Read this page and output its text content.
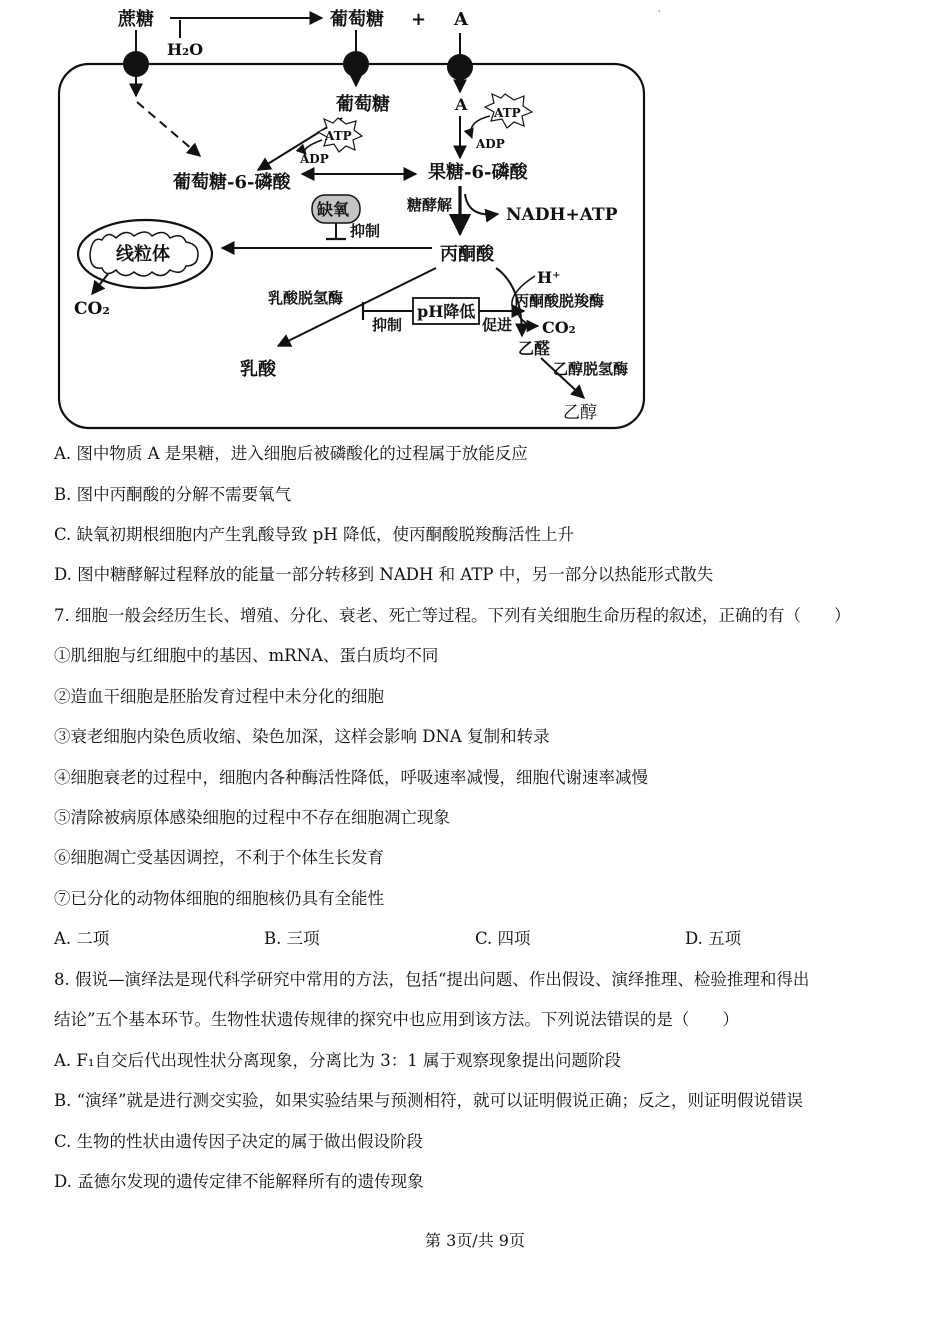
蔗糖
H₂O
葡萄糖 + A	·
葡萄糖	A
ATP
ADP
ATP
ADP
葡萄糖-6-磷酸	果糖-6-磷酸
糖酵解	NADH+ATP
缺氧
抑制
丙酮酸
线粒体
CO₂
乳酸脱氢酶
抑制
pH降低
促进
H⁺
丙酮酸脱羧酶
CO₂
乙醛
乙醇脱氢酶
乙醇
乳酸
A. 图中物质 A 是果糖，进入细胞后被磷酸化的过程属于放能反应
B. 图中丙酮酸的分解不需要氧气
C. 缺氧初期根细胞内产生乳酸导致 pH 降低，使丙酮酸脱羧酶活性上升
D. 图中糖酵解过程释放的能量一部分转移到 NADH 和 ATP 中，另一部分以热能形式散失
7. 细胞一般会经历生长、增殖、分化、衰老、死亡等过程。下列有关细胞生命历程的叙述，正确的有（　　）
①肌细胞与红细胞中的基因、mRNA、蛋白质均不同
②造血干细胞是胚胎发育过程中未分化的细胞
③衰老细胞内染色质收缩、染色加深，这样会影响 DNA 复制和转录
④细胞衰老的过程中，细胞内各种酶活性降低，呼吸速率减慢，细胞代谢速率减慢
⑤清除被病原体感染细胞的过程中不存在细胞凋亡现象
⑥细胞凋亡受基因调控，不利于个体生长发育
⑦已分化的动物体细胞的细胞核仍具有全能性
A. 二项	B. 三项	C. 四项	D. 五项
8. 假说—演绎法是现代科学研究中常用的方法，包括“提出问题、作出假设、演绎推理、检验推理和得出
结论”五个基本环节。生物性状遗传规律的探究中也应用到该方法。下列说法错误的是（　　）
A. F₁自交后代出现性状分离现象，分离比为 3：1 属于观察现象提出问题阶段
B. “演绎”就是进行测交实验，如果实验结果与预测相符，就可以证明假说正确；反之，则证明假说错误
C. 生物的性状由遗传因子决定的属于做出假设阶段
D. 孟德尔发现的遗传定律不能解释所有的遗传现象
第 3页/共 9页
